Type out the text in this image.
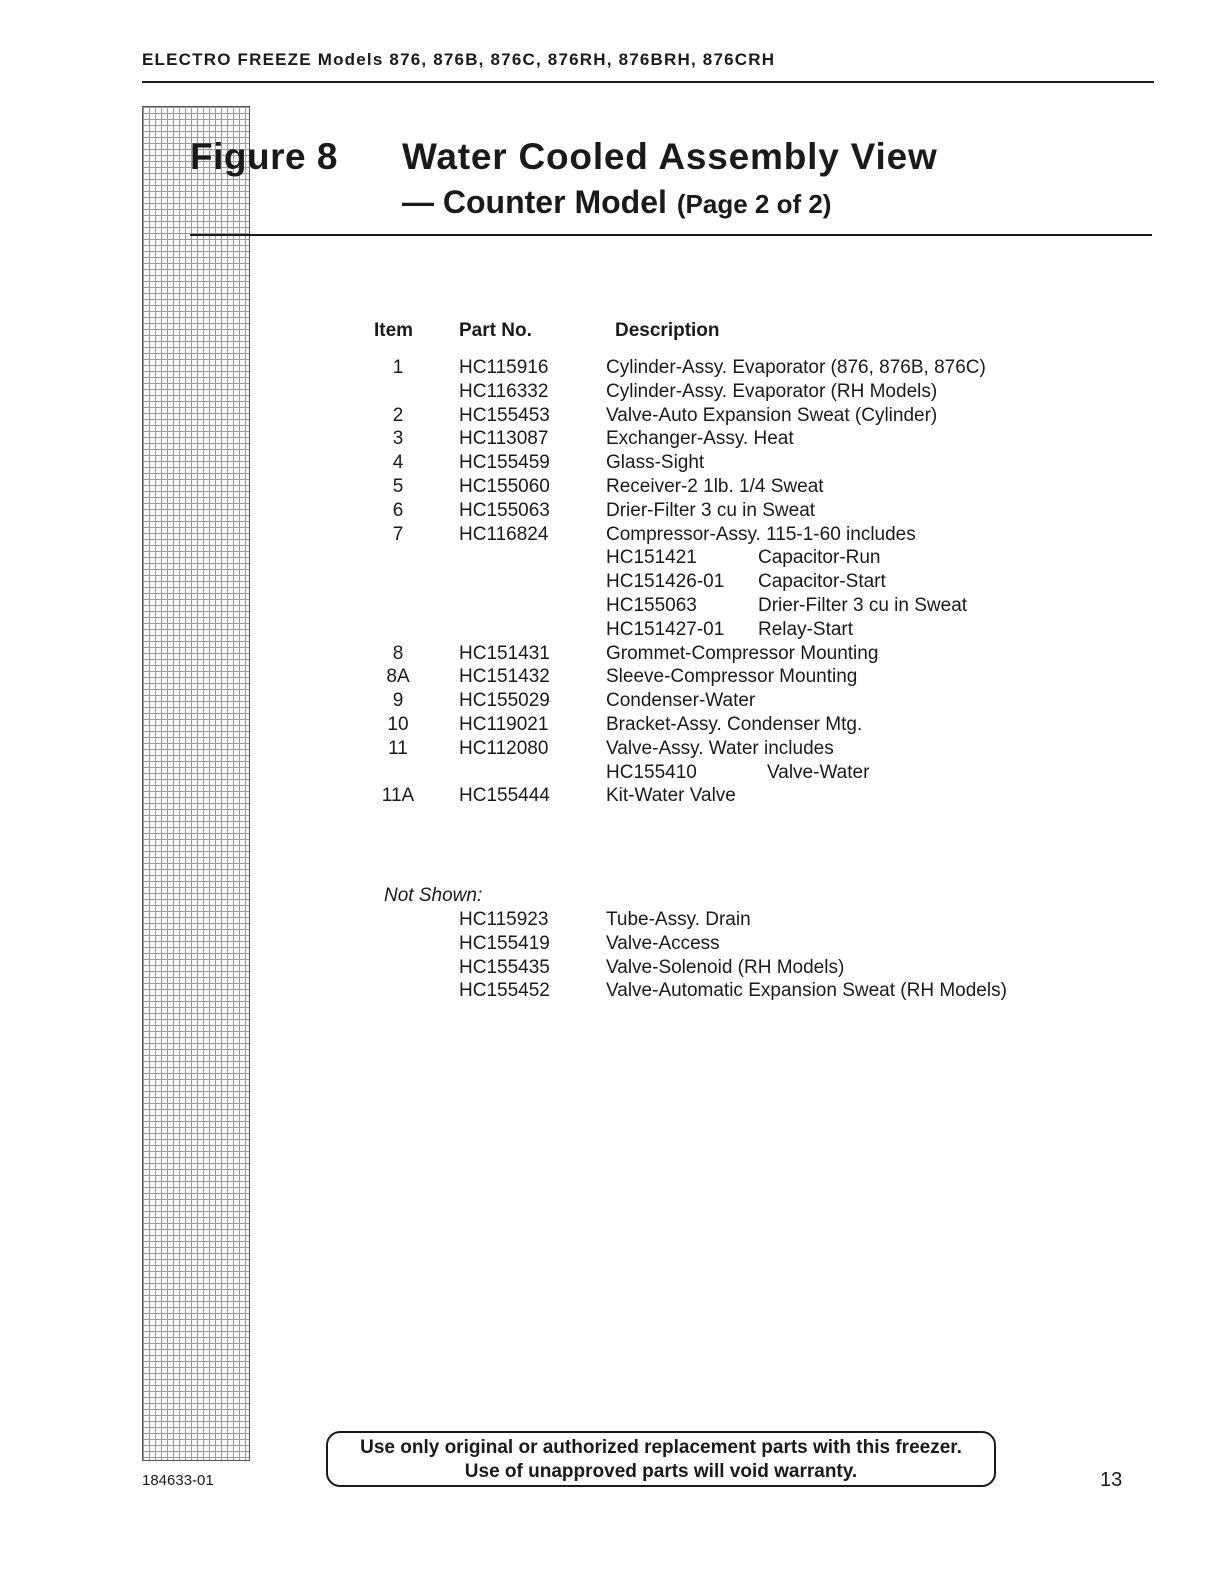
ELECTRO FREEZE Models 876, 876B, 876C, 876RH, 876BRH, 876CRH
Figure 8 Water Cooled Assembly View
— Counter Model (Page 2 of 2)
Item Part No.	Description
Not Shown:
1	HC115916	Cylinder-Assy. Evaporator (876, 876B, 876C)
HC116332	Cylinder-Assy. Evaporator (RH Models)
2	HC155453	Valve-Auto Expansion Sweat (Cylinder)
3	HC113087	Exchanger-Assy. Heat
4	HC155459	Glass-Sight
5	HC155060	Receiver-2 1lb. 1/4 Sweat
6	HC155063	Drier-Filter 3 cu in Sweat
7	HC116824	Compressor-Assy. 115-1-60 includes
HC151421	Capacitor-Run
HC151426-01 Capacitor-Start
HC155063	Drier-Filter 3 cu in Sweat
HC151427-01 Relay-Start
8	HC151431	Grommet-Compressor Mounting
8A	HC151432	Sleeve-Compressor Mounting
9	HC155029	Condenser-Water
10	HC119021	Bracket-Assy. Condenser Mtg.
11	HC112080	Valve-Assy. Water includes
HC155410	Valve-Water
11A	HC155444	Kit-Water Valve
HC115923	Tube-Assy. Drain
HC155419	Valve-Access
HC155435	Valve-Solenoid (RH Models)
HC155452	Valve-Automatic Expansion Sweat (RH Models)
184633-01
Use only original or authorized replacement parts with this freezer.
Use of unapproved parts will void warranty.	13
